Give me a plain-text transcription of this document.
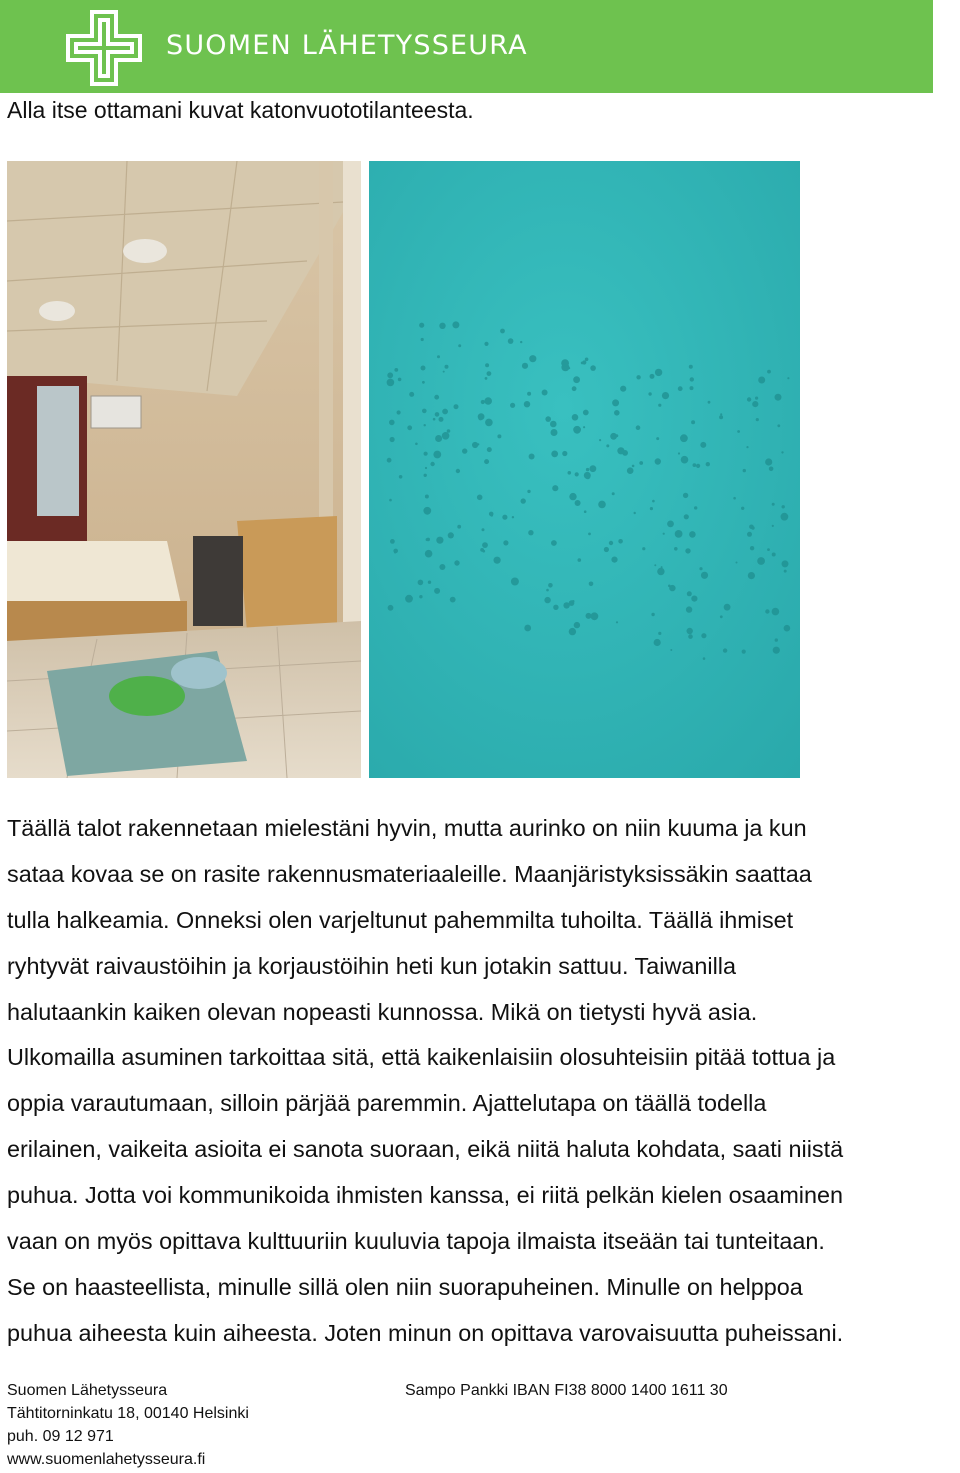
SUOMEN LÄHETYSSEURA
Alla itse ottamani kuvat katonvuototilanteesta.
Täällä talot rakennetaan mielestäni hyvin, mutta aurinko on niin kuuma ja kun
sataa kovaa se on rasite rakennusmateriaaleille. Maanjäristyksissäkin saattaa
tulla halkeamia. Onneksi olen varjeltunut pahemmilta tuhoilta. Täällä ihmiset
ryhtyvät raivaustöihin ja korjaustöihin heti kun jotakin sattuu. Taiwanilla
halutaankin kaiken olevan nopeasti kunnossa. Mikä on tietysti hyvä asia.
Ulkomailla asuminen tarkoittaa sitä, että kaikenlaisiin olosuhteisiin pitää tottua ja
oppia varautumaan, silloin pärjää paremmin. Ajattelutapa on täällä todella
erilainen, vaikeita asioita ei sanota suoraan, eikä niitä haluta kohdata, saati niistä
puhua. Jotta voi kommunikoida ihmisten kanssa, ei riitä pelkän kielen osaaminen
vaan on myös opittava kulttuuriin kuuluvia tapoja ilmaista itseään tai tunteitaan.
Se on haasteellista, minulle sillä olen niin suorapuheinen. Minulle on helppoa
puhua aiheesta kuin aiheesta. Joten minun on opittava varovaisuutta puheissani.
Suomen Lähetysseura
Tähtitorninkatu 18, 00140 Helsinki
puh. 09 12 971
www.suomenlahetysseura.fi
Sampo Pankki IBAN FI38 8000 1400 1611 30
